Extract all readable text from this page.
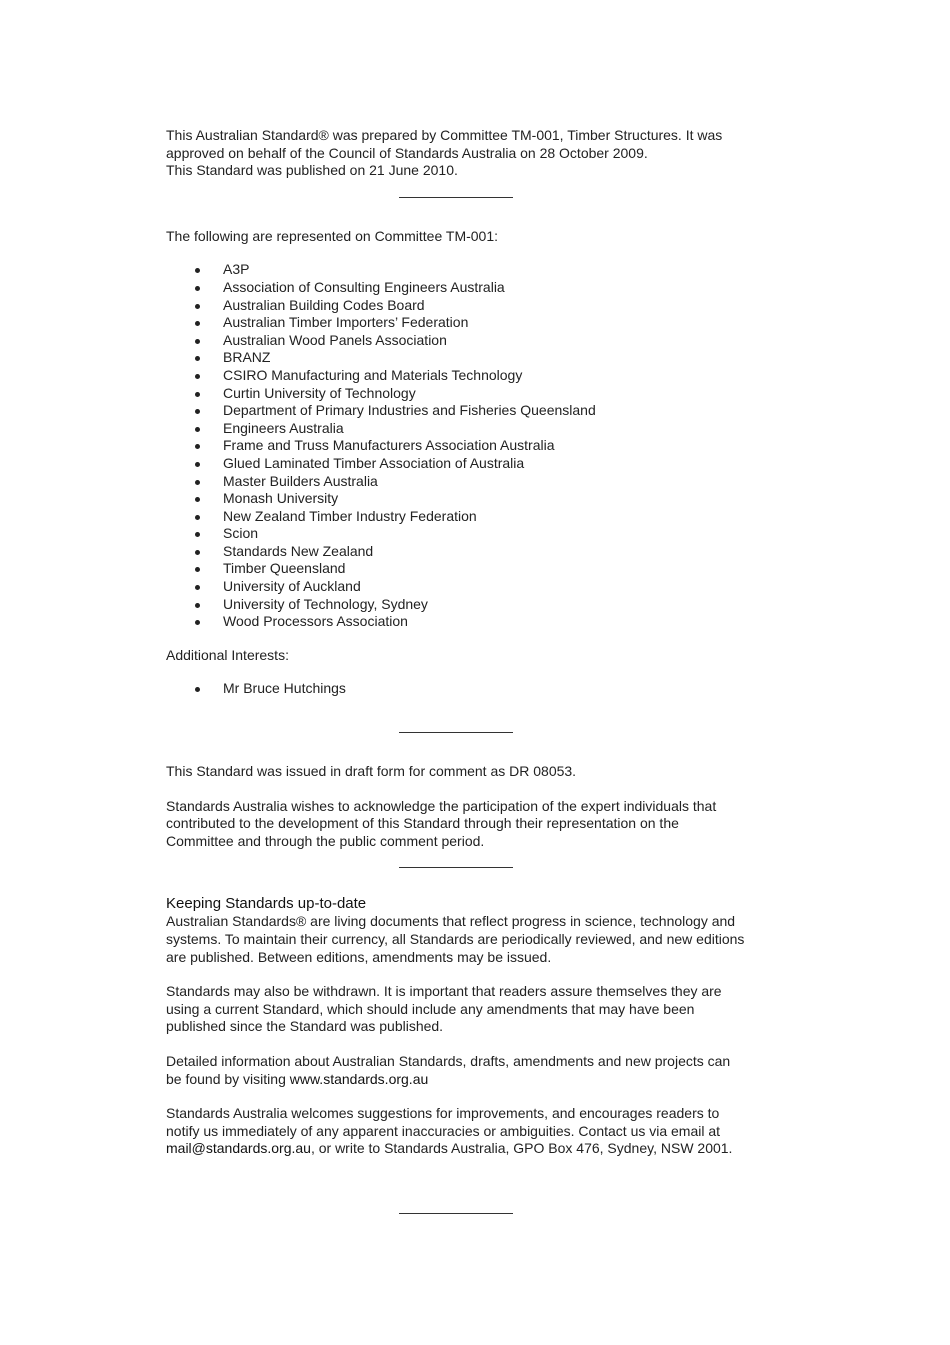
This Australian Standard® was prepared by Committee TM-001, Timber Structures. It was
approved on behalf of the Council of Standards Australia on 28 October 2009.
This Standard was published on 21 June 2010.

The following are represented on Committee TM-001:

A3P
Association of Consulting Engineers Australia
Australian Building Codes Board
Australian Timber Importers’ Federation
Australian Wood Panels Association
BRANZ
CSIRO Manufacturing and Materials Technology
Curtin University of Technology
Department of Primary Industries and Fisheries Queensland
Engineers Australia
Frame and Truss Manufacturers Association Australia
Glued Laminated Timber Association of Australia
Master Builders Australia
Monash University
New Zealand Timber Industry Federation
Scion
Standards New Zealand
Timber Queensland
University of Auckland
University of Technology, Sydney
Wood Processors Association

Additional Interests:

Mr Bruce Hutchings

This Standard was issued in draft form for comment as DR 08053.

Standards Australia wishes to acknowledge the participation of the expert individuals that
contributed to the development of this Standard through their representation on the
Committee and through the public comment period.

Keeping Standards up-to-date

Australian Standards® are living documents that reflect progress in science, technology and
systems. To maintain their currency, all Standards are periodically reviewed, and new editions
are published. Between editions, amendments may be issued.

Standards may also be withdrawn. It is important that readers assure themselves they are
using a current Standard, which should include any amendments that may have been
published since the Standard was published.

Detailed information about Australian Standards, drafts, amendments and new projects can
be found by visiting www.standards.org.au

Standards Australia welcomes suggestions for improvements, and encourages readers to
notify us immediately of any apparent inaccuracies or ambiguities. Contact us via email at
mail@standards.org.au, or write to Standards Australia, GPO Box 476, Sydney, NSW 2001.
